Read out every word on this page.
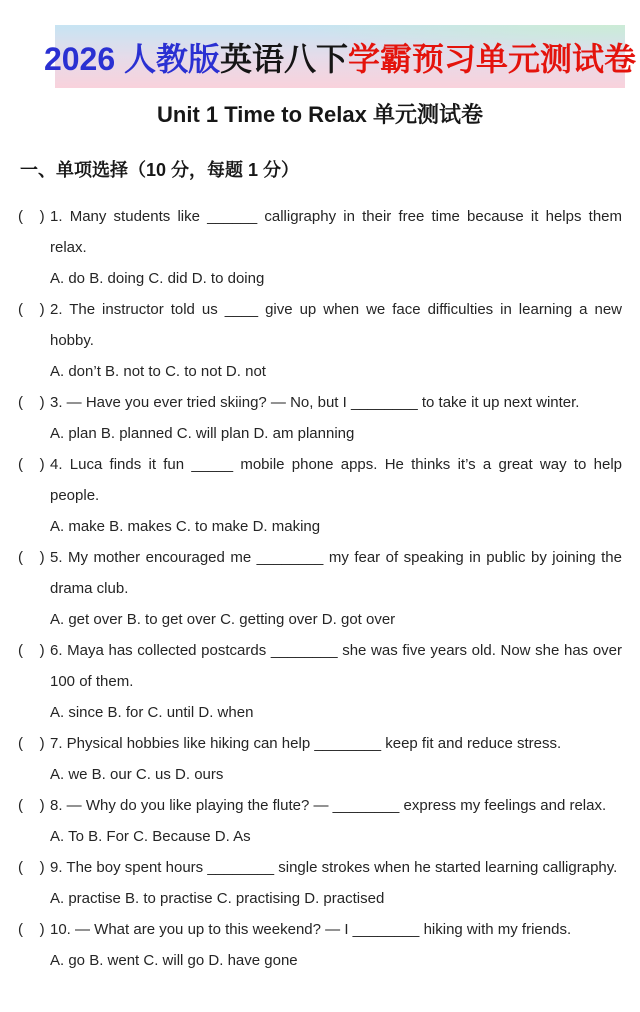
2026 人教版 英语八下 学霸预习单元测试卷
Unit 1 Time to Relax 单元测试卷
一、单项选择（10 分，每题 1 分）

(    ) 1. Many students like ______ calligraphy in their free time because it helps them relax.

A. do B. doing C. did D. to doing

(    ) 2. The instructor told us ____ give up when we face difficulties in learning a new hobby.

A. don’t B. not to C. to not D. not

(    ) 3. — Have you ever tried skiing? — No, but I ________ to take it up next winter.

A. plan B. planned C. will plan D. am planning

(    ) 4. Luca finds it fun _____ mobile phone apps. He thinks it’s a great way to help people.

A. make B. makes C. to make D. making

(    ) 5. My mother encouraged me ________ my fear of speaking in public by joining the drama club.

A. get over B. to get over C. getting over D. got over

(    ) 6. Maya has collected postcards ________ she was five years old. Now she has over 100 of them.

A. since B. for C. until D. when

(    ) 7. Physical hobbies like hiking can help ________ keep fit and reduce stress.

A. we B. our C. us D. ours

(    ) 8. — Why do you like playing the flute? — ________ express my feelings and relax.

A. To B. For C. Because D. As

(    ) 9. The boy spent hours ________ single strokes when he started learning calligraphy.

A. practise B. to practise C. practising D. practised

(    ) 10. — What are you up to this weekend? — I ________ hiking with my friends.

A. go B. went C. will go D. have gone
